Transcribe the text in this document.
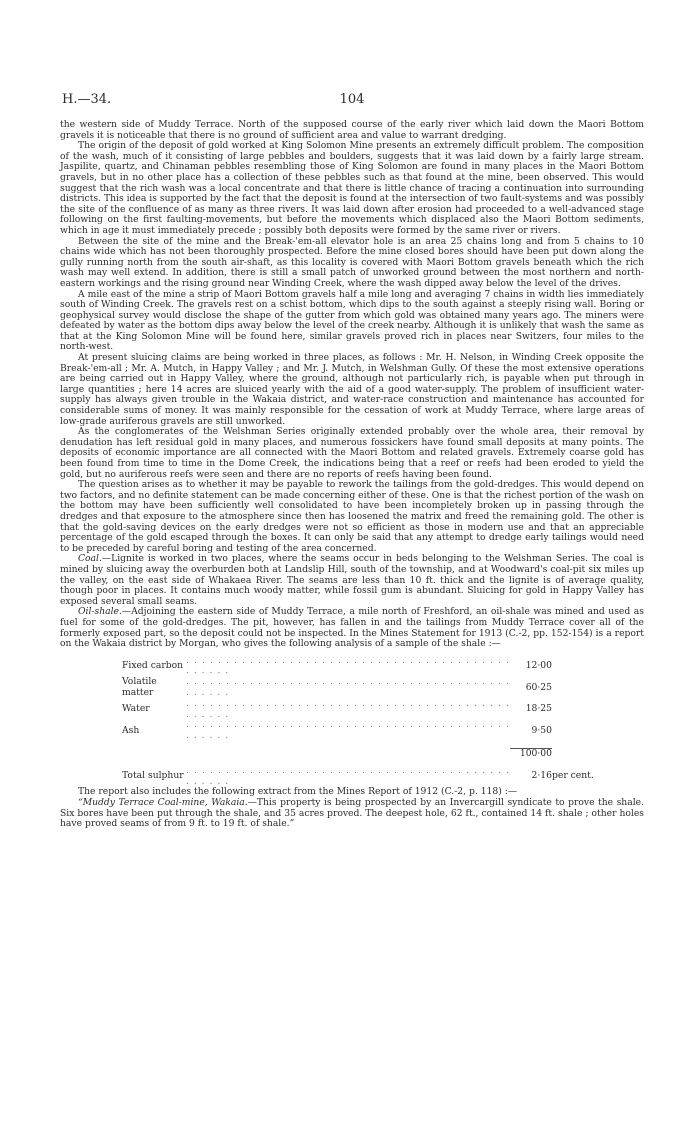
H.—34.	104

the western side of Muddy Terrace. North of the supposed course of the early river which laid down the Maori Bottom gravels it is noticeable that there is no ground of sufficient area and value to warrant dredging.

The origin of the deposit of gold worked at King Solomon Mine presents an extremely difficult problem. The composition of the wash, much of it consisting of large pebbles and boulders, suggests that it was laid down by a fairly large stream. Jaspilite, quartz, and Chinaman pebbles resembling those of King Solomon are found in many places in the Maori Bottom gravels, but in no other place has a collection of these pebbles such as that found at the mine, been observed. This would suggest that the rich wash was a local concentrate and that there is little chance of tracing a continuation into surrounding districts. This idea is supported by the fact that the deposit is found at the intersection of two fault-systems and was possibly the site of the confluence of as many as three rivers. It was laid down after erosion had proceeded to a well-advanced stage following on the first faulting-movements, but before the movements which displaced also the Maori Bottom sediments, which in age it must immediately precede ; possibly both deposits were formed by the same river or rivers.

Between the site of the mine and the Break-'em-all elevator hole is an area 25 chains long and from 5 chains to 10 chains wide which has not been thoroughly prospected. Before the mine closed bores should have been put down along the gully running north from the south air-shaft, as this locality is covered with Maori Bottom gravels beneath which the rich wash may well extend. In addition, there is still a small patch of unworked ground between the most northern and north-eastern workings and the rising ground near Winding Creek, where the wash dipped away below the level of the drives.

A mile east of the mine a strip of Maori Bottom gravels half a mile long and averaging 7 chains in width lies immediately south of Winding Creek. The gravels rest on a schist bottom, which dips to the south against a steeply rising wall. Boring or geophysical survey would disclose the shape of the gutter from which gold was obtained many years ago. The miners were defeated by water as the bottom dips away below the level of the creek nearby. Although it is unlikely that wash the same as that at the King Solomon Mine will be found here, similar gravels proved rich in places near Switzers, four miles to the north-west.

At present sluicing claims are being worked in three places, as follows : Mr. H. Nelson, in Winding Creek opposite the Break-'em-all ; Mr. A. Mutch, in Happy Valley ; and Mr. J. Mutch, in Welshman Gully. Of these the most extensive operations are being carried out in Happy Valley, where the ground, although not particularly rich, is payable when put through in large quantities ; here 14 acres are sluiced yearly with the aid of a good water-supply. The problem of insufficient water-supply has always given trouble in the Wakaia district, and water-race construction and maintenance has accounted for considerable sums of money. It was mainly responsible for the cessation of work at Muddy Terrace, where large areas of low-grade auriferous gravels are still unworked.

As the conglomerates of the Welshman Series originally extended probably over the whole area, their removal by denudation has left residual gold in many places, and numerous fossickers have found small deposits at many points. The deposits of economic importance are all connected with the Maori Bottom and related gravels. Extremely coarse gold has been found from time to time in the Dome Creek, the indications being that a reef or reefs had been eroded to yield the gold, but no auriferous reefs were seen and there are no reports of reefs having been found.

The question arises as to whether it may be payable to rework the tailings from the gold-dredges. This would depend on two factors, and no definite statement can be made concerning either of these. One is that the richest portion of the wash on the bottom may have been sufficiently well consolidated to have been incompletely broken up in passing through the dredges and that exposure to the atmosphere since then has loosened the matrix and freed the remaining gold. The other is that the gold-saving devices on the early dredges were not so efficient as those in modern use and that an appreciable percentage of the gold escaped through the boxes. It can only be said that any attempt to dredge early tailings would need to be preceded by careful boring and testing of the area concerned.

Coal.—Lignite is worked in two places, where the seams occur in beds belonging to the Welshman Series. The coal is mined by sluicing away the overburden both at Landslip Hill, south of the township, and at Woodward's coal-pit six miles up the valley, on the east side of Whakaea River. The seams are less than 10 ft. thick and the lignite is of average quality, though poor in places. It contains much woody matter, while fossil gum is abundant. Sluicing for gold in Happy Valley has exposed several small seams.

Oil-shale.—Adjoining the eastern side of Muddy Terrace, a mile north of Freshford, an oil-shale was mined and used as fuel for some of the gold-dredges. The pit, however, has fallen in and the tailings from Muddy Terrace cover all of the formerly exposed part, so the deposit could not be inspected. In the Mines Statement for 1913 (C.-2, pp. 152-154) is a report on the Wakaia district by Morgan, who gives the following analysis of a sample of the shale :—

Fixed carbon	. . . . . . . . . . . . . . . . . . . . . . . . . . . . . . . . . . . . . . . . . . . . . . .	12·00	
Volatile matter	. . . . . . . . . . . . . . . . . . . . . . . . . . . . . . . . . . . . . . . . . . . . . . .	60·25	
Water	. . . . . . . . . . . . . . . . . . . . . . . . . . . . . . . . . . . . . . . . . . . . . . .	18·25	
Ash	. . . . . . . . . . . . . . . . . . . . . . . . . . . . . . . . . . . . . . . . . . . . . . .	9·50	

		100·00	

Total sulphur	. . . . . . . . . . . . . . . . . . . . . . . . . . . . . . . . . . . . . . . . . . . . . . .	2·16	per cent.

The report also includes the following extract from the Mines Report of 1912 (C.-2, p. 118) :—

“Muddy Terrace Coal-mine, Wakaia.—This property is being prospected by an Invercargill syndicate to prove the shale. Six bores have been put through the shale, and 35 acres proved. The deepest hole, 62 ft., contained 14 ft. shale ; other holes have proved seams of from 9 ft. to 19 ft. of shale.”
